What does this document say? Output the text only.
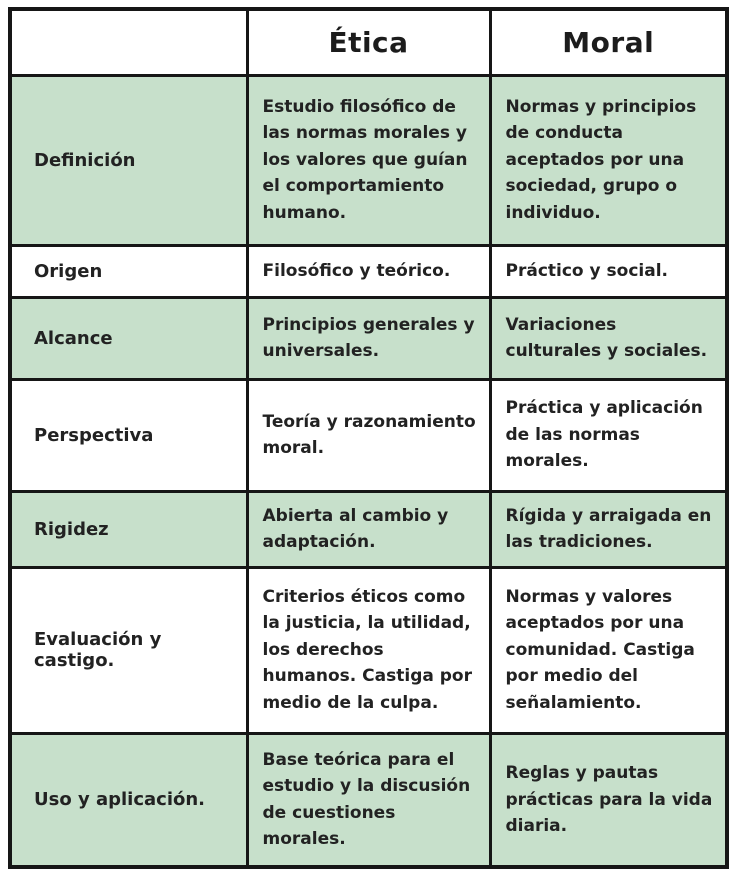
	Ética	Moral
Definición	Estudio filosófico de las normas morales y los valores que guían el comportamiento humano.	Normas y principios de conducta aceptados por una sociedad, grupo o individuo.
Origen	Filosófico y teórico.	Práctico y social.
Alcance	Principios generales y universales.	Variaciones culturales y sociales.
Perspectiva	Teoría y razonamiento moral.	Práctica y aplicación de las normas morales.
Rigidez	Abierta al cambio y adaptación.	Rígida y arraigada en las tradiciones.
Evaluación y castigo.	Criterios éticos como la justicia, la utilidad, los derechos humanos. Castiga por medio de la culpa.	Normas y valores aceptados por una comunidad. Castiga por medio del señalamiento.
Uso y aplicación.	Base teórica para el estudio y la discusión de cuestiones morales.	Reglas y pautas prácticas para la vida diaria.
